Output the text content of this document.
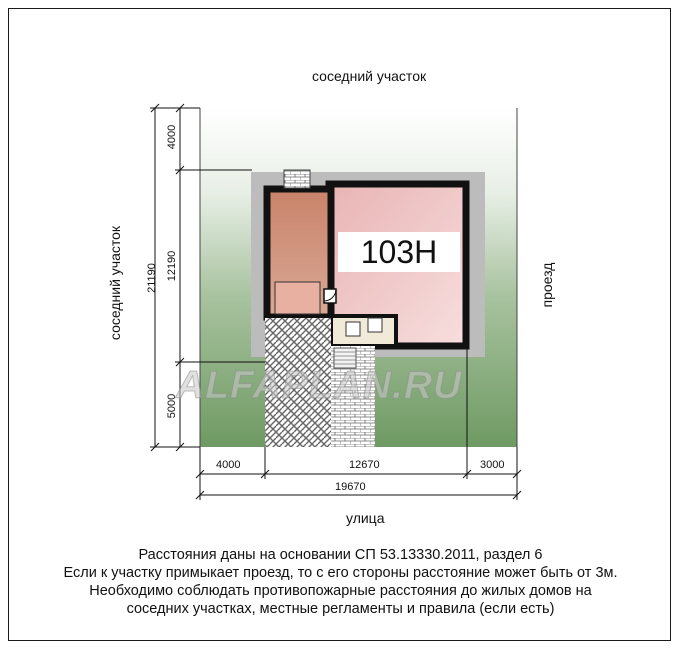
103H
ALFAPLAN.RU
соседний участок
соседний участок	проезд
улица
21190
4000
12190
5000
4000	12670	3000
19670
Расстояния даны на основании СП 53.13330.2011, раздел 6
Если к участку примыкает проезд, то с его стороны расстояние может быть от 3м.
Необходимо соблюдать противопожарные расстояния до жилых домов на
соседних участках, местные регламенты и правила (если есть)
